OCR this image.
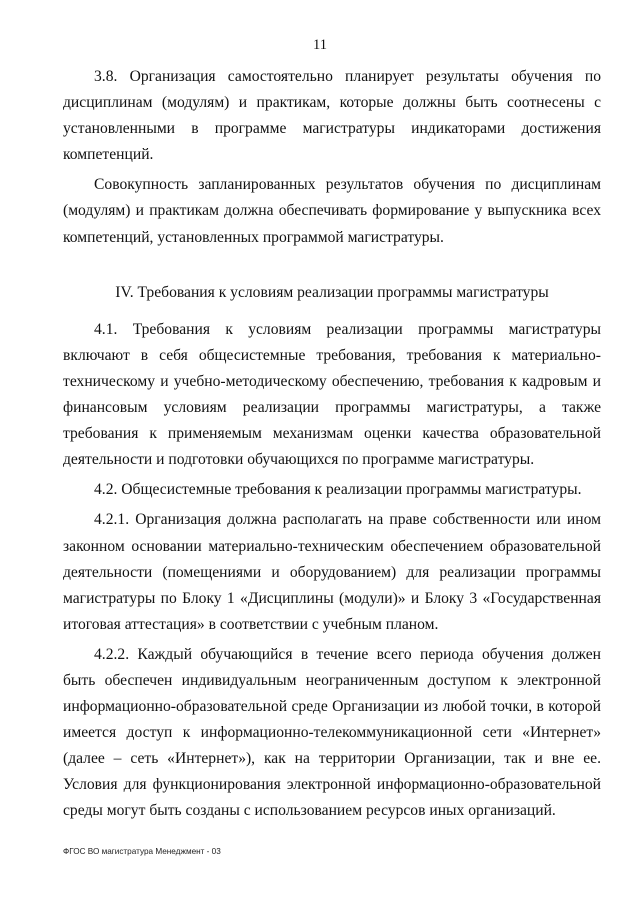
11

3.8. Организация самостоятельно планирует результаты обучения по дисциплинам (модулям) и практикам, которые должны быть соотнесены с установленными в программе магистратуры индикаторами достижения компетенций.

Совокупность запланированных результатов обучения по дисциплинам (модулям) и практикам должна обеспечивать формирование у выпускника всех компетенций, установленных программой магистратуры.

IV. Требования к условиям реализации программы магистратуры

4.1. Требования к условиям реализации программы магистратуры включают в себя общесистемные требования, требования к материально-техническому и учебно-методическому обеспечению, требования к кадровым и финансовым условиям реализации программы магистратуры, а также требования к применяемым механизмам оценки качества образовательной деятельности и подготовки обучающихся по программе магистратуры.

4.2. Общесистемные требования к реализации программы магистратуры.

4.2.1. Организация должна располагать на праве собственности или ином законном основании материально-техническим обеспечением образовательной деятельности (помещениями и оборудованием) для реализации программы магистратуры по Блоку 1 «Дисциплины (модули)» и Блоку 3 «Государственная итоговая аттестация» в соответствии с учебным планом.

4.2.2. Каждый обучающийся в течение всего периода обучения должен быть обеспечен индивидуальным неограниченным доступом к электронной информационно-образовательной среде Организации из любой точки, в которой имеется доступ к информационно-телекоммуникационной сети «Интернет» (далее – сеть «Интернет»), как на территории Организации, так и вне ее. Условия для функционирования электронной информационно-образовательной среды могут быть созданы с использованием ресурсов иных организаций.

ФГОС ВО магистратура Менеджмент - 03
